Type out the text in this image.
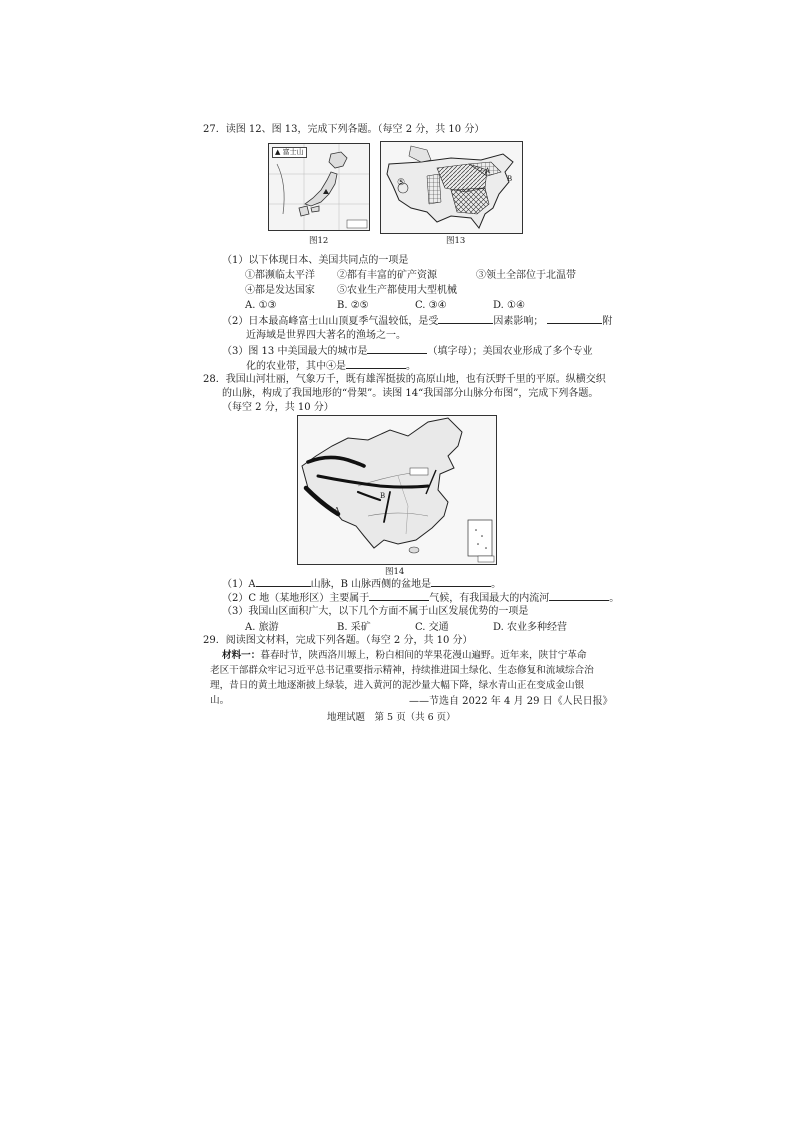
27．读图 12、图 13，完成下列各题。（每空 2 分，共 10 分）
▲ 富士山
图12
⑤
A
B
图13
（1）以下体现日本、美国共同点的一项是
①都濒临太平洋 ②都有丰富的矿产资源	③领土全部位于北温带
④都是发达国家 ⑤农业生产都使用大型机械
A. ①③	B. ②⑤	C. ③④	D. ①④
（2）日本最高峰富士山山顶夏季气温较低，是受	因素影响；	附
近海域是世界四大著名的渔场之一。
（3）图 13 中美国最大的城市是	（填字母）；美国农业形成了多个专业
化的农业带，其中④是	。
28．我国山河壮丽，气象万千，既有雄浑挺拔的高原山地，也有沃野千里的平原。纵横交织
的山脉，构成了我国地形的“骨架”。读图 14“我国部分山脉分布图”，完成下列各题。
（每空 2 分，共 10 分）
A
B
图14
（1）A	山脉，B 山脉西侧的盆地是	。
（2）C 地（某地形区）主要属于	气候，有我国最大的内流河	。
（3）我国山区面积广大，以下几个方面不属于山区发展优势的一项是
A. 旅游	B. 采矿	C. 交通	D. 农业多种经营
29．阅读图文材料，完成下列各题。（每空 2 分，共 10 分）
材料一：暮春时节，陕西洛川塬上，粉白相间的苹果花漫山遍野。近年来，陕甘宁革命老区干部群众牢记习近平总书记重要指示精神，持续推进国土绿化、生态修复和流域综合治理，昔日的黄土地逐渐披上绿装，进入黄河的泥沙量大幅下降，绿水青山正在变成金山银山。	——节选自 2022 年 4 月 29 日《人民日报》
地理试题　第 5 页（共 6 页）
